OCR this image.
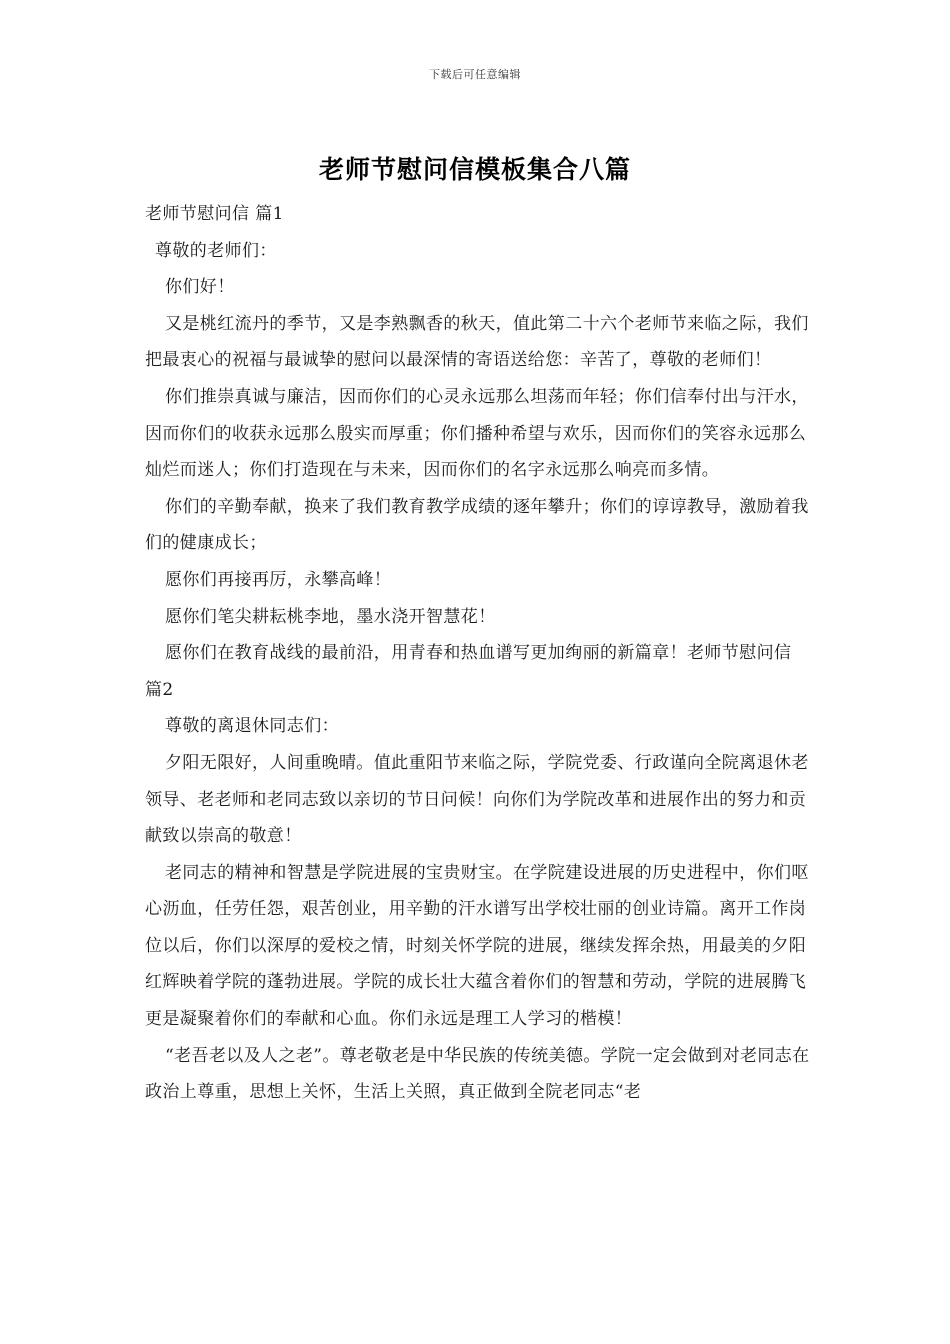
下载后可任意编辑
老师节慰问信模板集合八篇

老师节慰问信 篇1

尊敬的老师们：

你们好！

又是桃红流丹的季节，又是李熟飘香的秋天，值此第二十六个老师节来临之际，我们把最衷心的祝福与最诚挚的慰问以最深情的寄语送给您：辛苦了，尊敬的老师们！

你们推崇真诚与廉洁，因而你们的心灵永远那么坦荡而年轻；你们信奉付出与汗水，因而你们的收获永远那么殷实而厚重；你们播种希望与欢乐，因而你们的笑容永远那么灿烂而迷人；你们打造现在与未来，因而你们的名字永远那么响亮而多情。

你们的辛勤奉献，换来了我们教育教学成绩的逐年攀升；你们的谆谆教导，激励着我们的健康成长；

愿你们再接再厉，永攀高峰！

愿你们笔尖耕耘桃李地，墨水浇开智慧花！

愿你们在教育战线的最前沿，用青春和热血谱写更加绚丽的新篇章！老师节慰问信 篇2

尊敬的离退休同志们：

夕阳无限好，人间重晚晴。值此重阳节来临之际，学院党委、行政谨向全院离退休老领导、老老师和老同志致以亲切的节日问候！向你们为学院改革和进展作出的努力和贡献致以崇高的敬意！

老同志的精神和智慧是学院进展的宝贵财宝。在学院建设进展的历史进程中，你们呕心沥血，任劳任怨，艰苦创业，用辛勤的汗水谱写出学校壮丽的创业诗篇。离开工作岗位以后，你们以深厚的爱校之情，时刻关怀学院的进展，继续发挥余热，用最美的夕阳红辉映着学院的蓬勃进展。学院的成长壮大蕴含着你们的智慧和劳动，学院的进展腾飞更是凝聚着你们的奉献和心血。你们永远是理工人学习的楷模！

“老吾老以及人之老”。尊老敬老是中华民族的传统美德。学院一定会做到对老同志在政治上尊重，思想上关怀，生活上关照，真正做到全院老同志“老
